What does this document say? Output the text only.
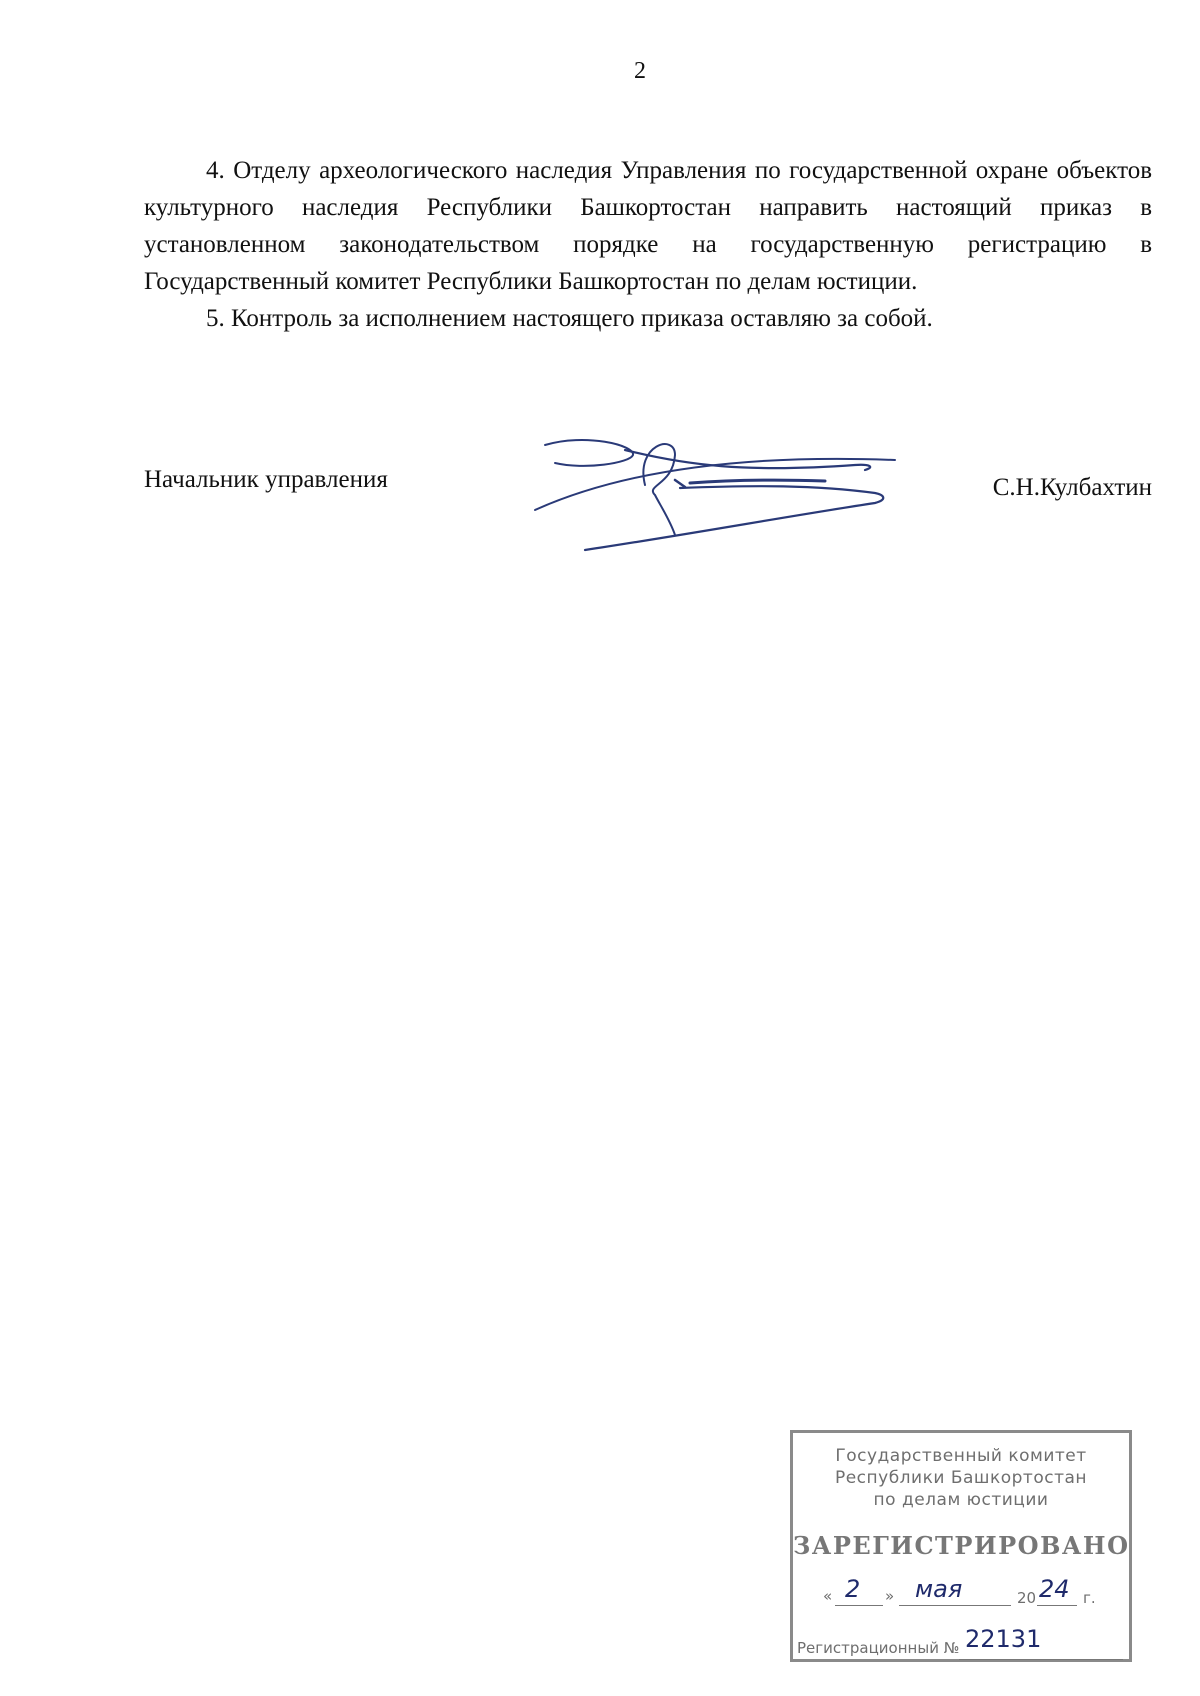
2

4. Отделу археологического наследия Управления по государственной охране объектов культурного наследия Республики Башкортостан направить настоящий приказ в установленном законодательством порядке на государственную регистрацию в Государственный комитет Республики Башкортостан по делам юстиции.

5. Контроль за исполнением настоящего приказа оставляю за собой.

Начальник управления	С.Н.Кулбахтин
Государственный комитет
Республики Башкортостан
по делам юстиции
ЗАРЕГИСТРИРОВАНО
« 2 » мая	20 24 г.
Регистрационный № 22131
